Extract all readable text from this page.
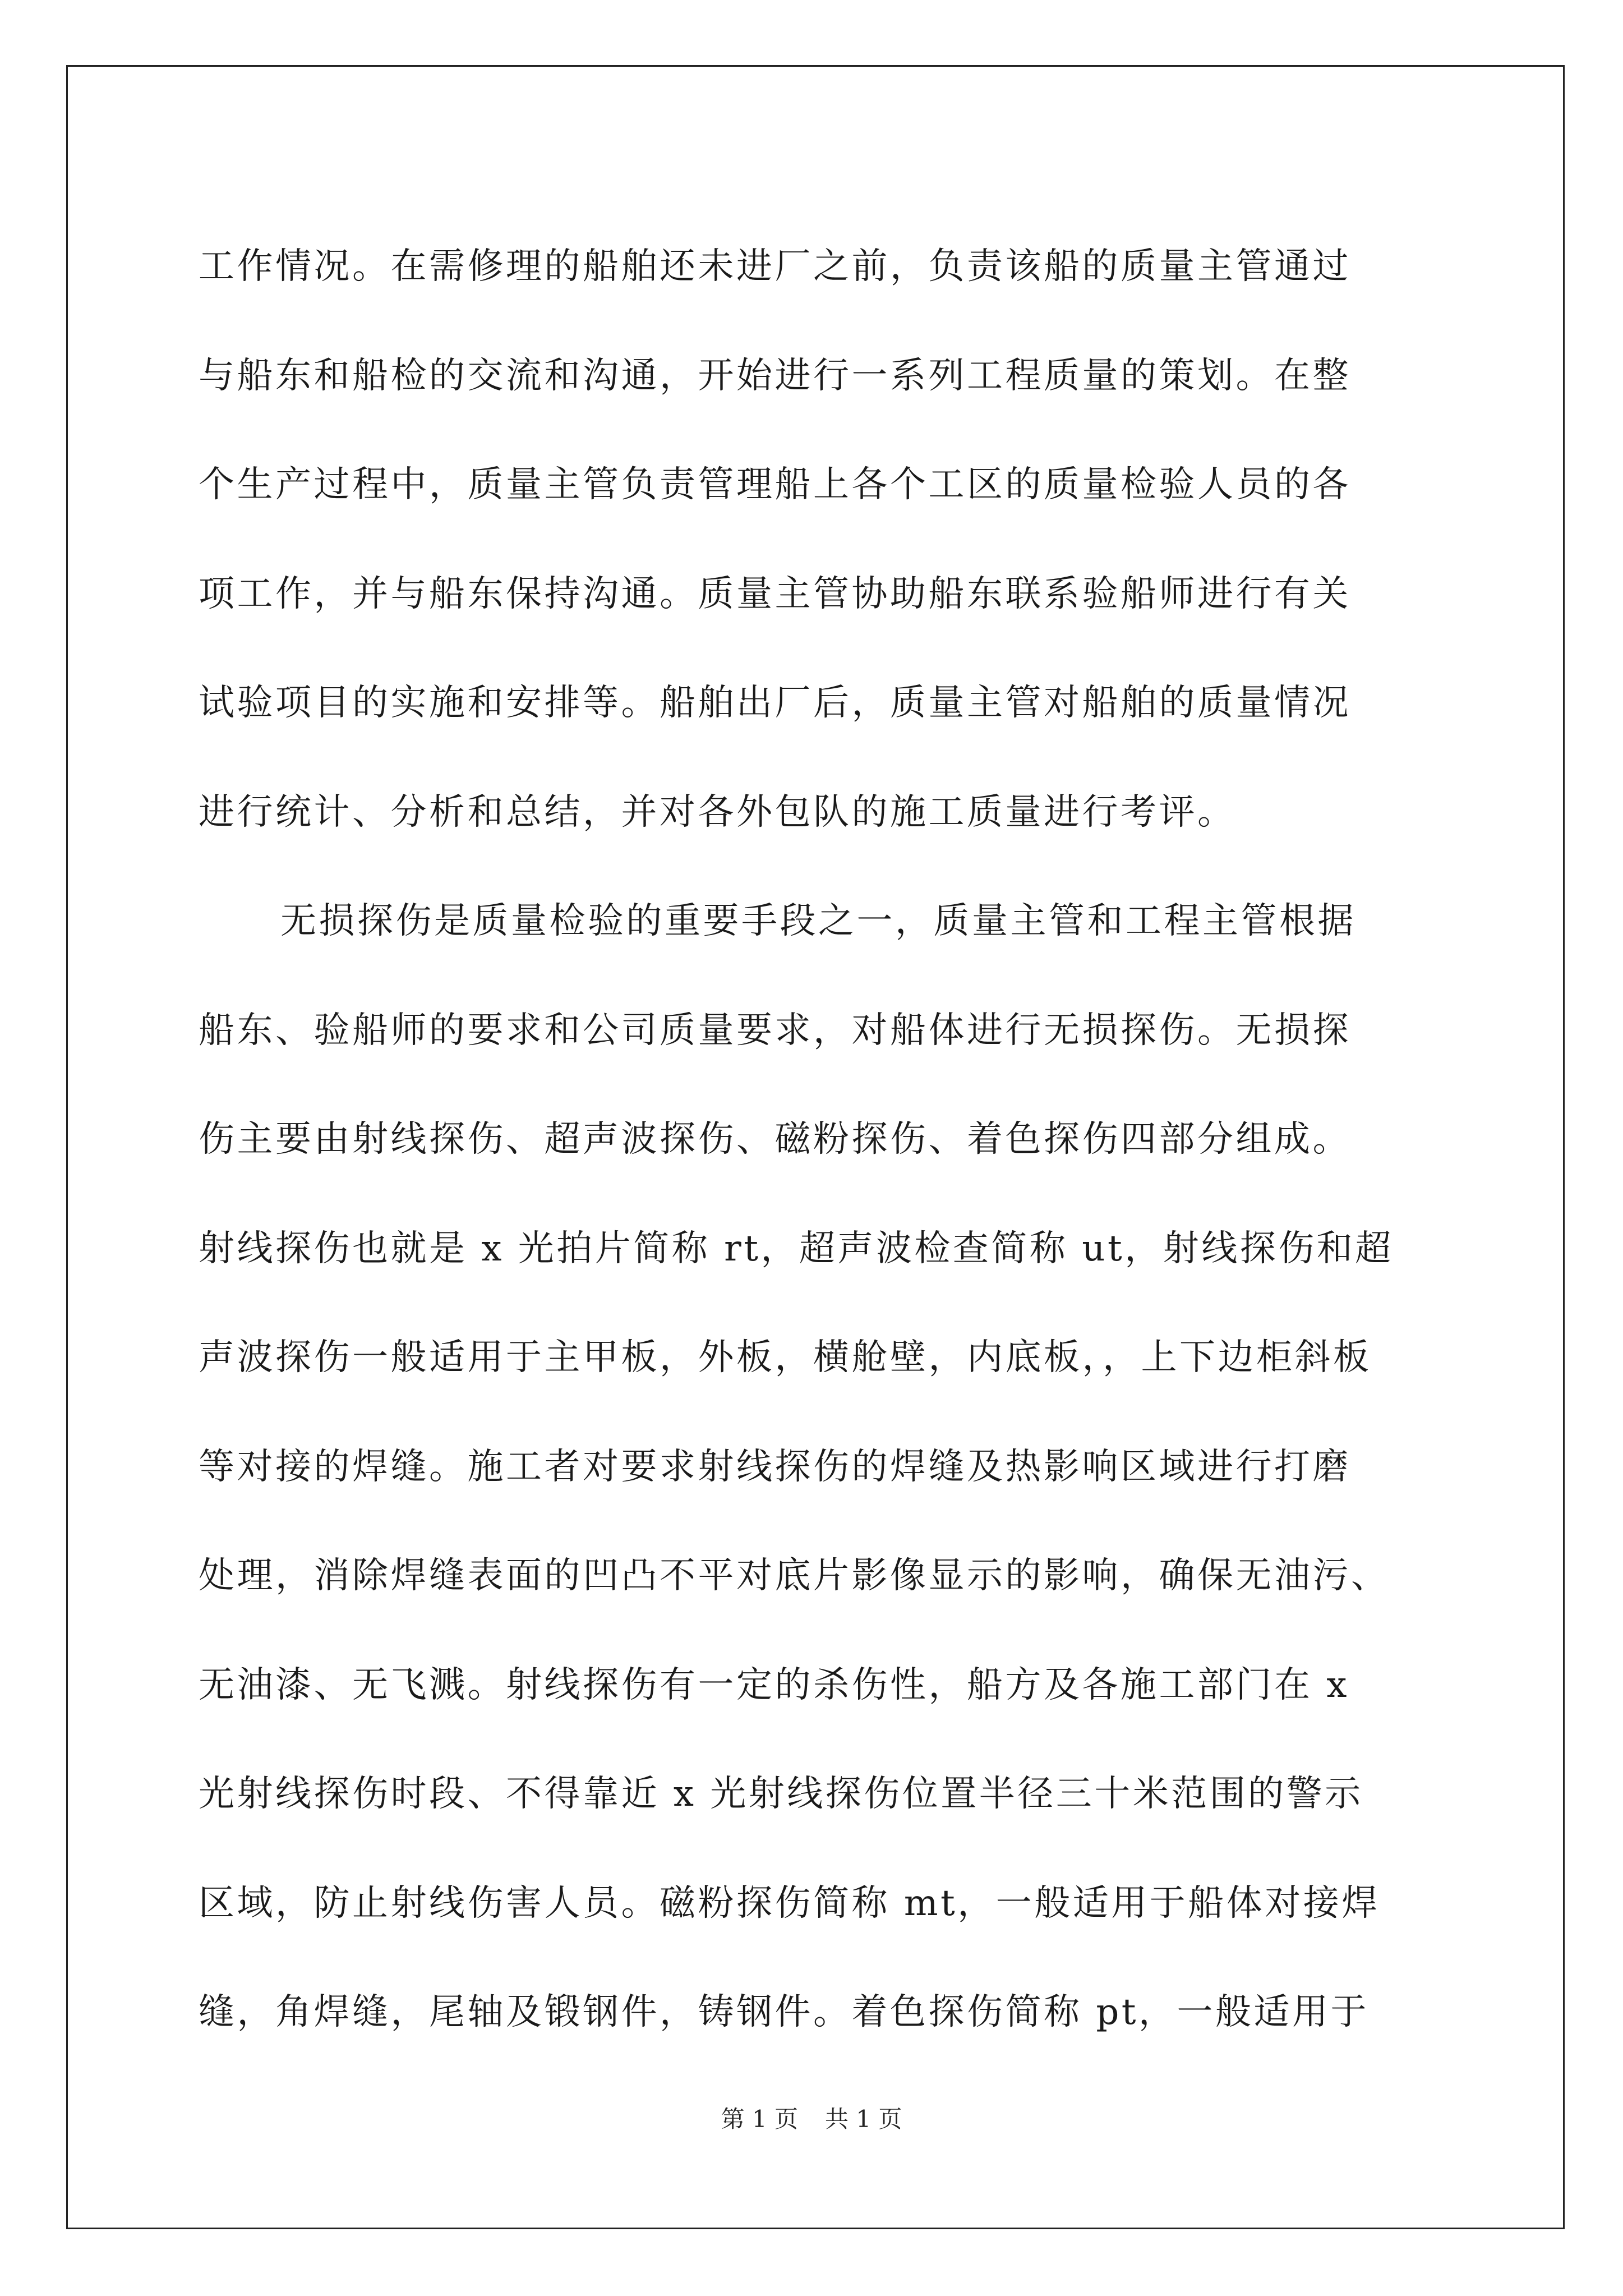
工作情况。在需修理的船舶还未进厂之前，负责该船的质量主管通过

与船东和船检的交流和沟通，开始进行一系列工程质量的策划。在整

个生产过程中，质量主管负责管理船上各个工区的质量检验人员的各

项工作，并与船东保持沟通。质量主管协助船东联系验船师进行有关

试验项目的实施和安排等。船舶出厂后，质量主管对船舶的质量情况

进行统计、分析和总结，并对各外包队的施工质量进行考评。

无损探伤是质量检验的重要手段之一，质量主管和工程主管根据

船东、验船师的要求和公司质量要求，对船体进行无损探伤。无损探

伤主要由射线探伤、超声波探伤、磁粉探伤、着色探伤四部分组成。

射线探伤也就是 x 光拍片简称 rt，超声波检查简称 ut，射线探伤和超

声波探伤一般适用于主甲板，外板，横舱壁，内底板，，上下边柜斜板

等对接的焊缝。施工者对要求射线探伤的焊缝及热影响区域进行打磨

处理，消除焊缝表面的凹凸不平对底片影像显示的影响，确保无油污、

无油漆、无飞溅。射线探伤有一定的杀伤性，船方及各施工部门在 x

光射线探伤时段、不得靠近 x 光射线探伤位置半径三十米范围的警示

区域，防止射线伤害人员。磁粉探伤简称 mt，一般适用于船体对接焊

缝，角焊缝，尾轴及锻钢件，铸钢件。着色探伤简称 pt，一般适用于

第 1 页 共 1 页
